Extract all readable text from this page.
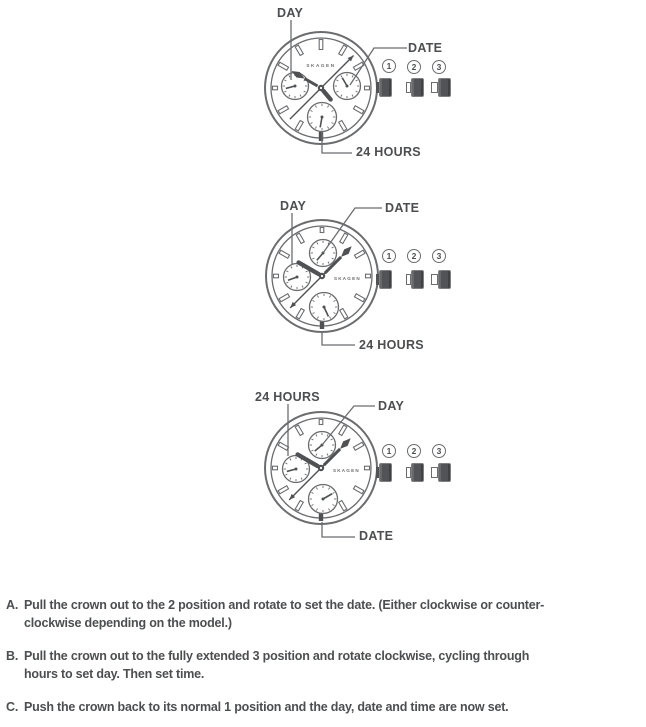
SKAGEN
DAY
DATE
24 HOURS
1	2	3
SKAGEN
DAY	DATE
24 HOURS
1	2	3
SKAGEN
24 HOURS
DAY
DATE
1	2	3
A. Pull the crown out to the 2 position and rotate to set the date. (Either clockwise or counter-
clockwise depending on the model.)
B. Pull the crown out to the fully extended 3 position and rotate clockwise, cycling through
hours to set day. Then set time.
C. Push the crown back to its normal 1 position and the day, date and time are now set.
